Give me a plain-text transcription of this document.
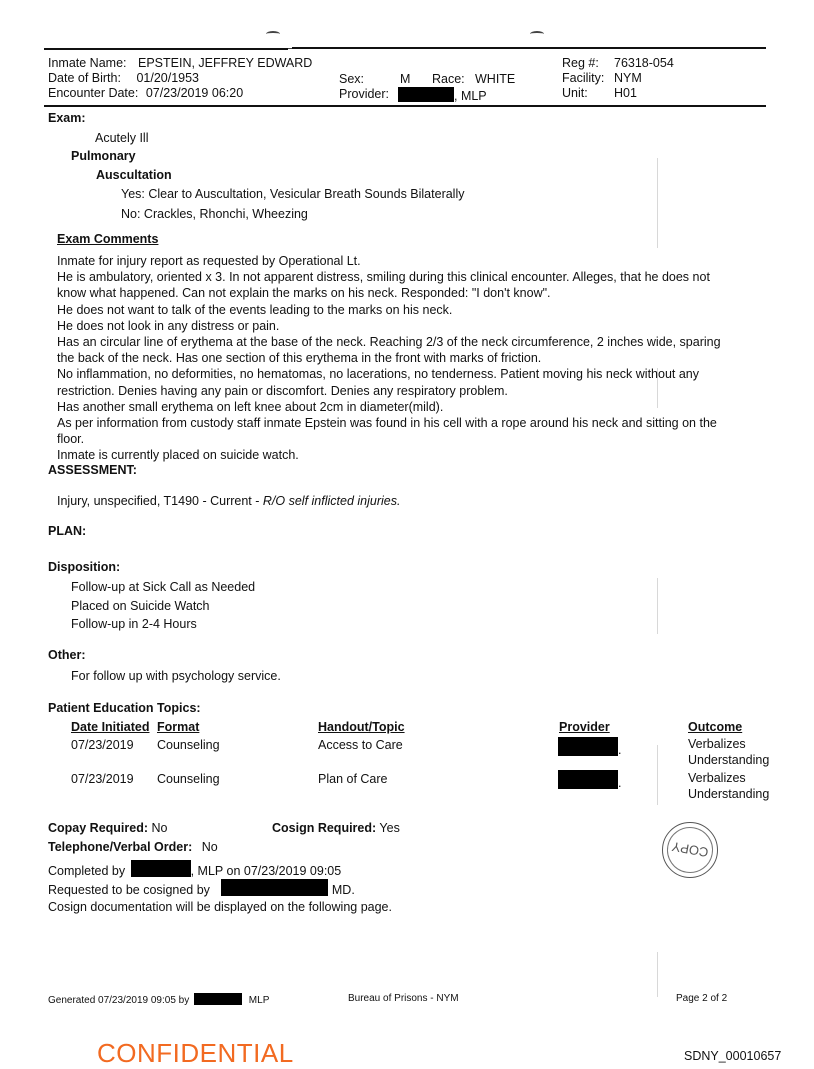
Inmate Name: EPSTEIN, JEFFREY EDWARD
Date of Birth: 01/20/1953
Encounter Date: 07/23/2019 06:20
Sex:	M Race: WHITE
Provider:	, MLP
Reg #: 76318-054
Facility: NYM
Unit: H01
Exam:
Acutely Ill
Pulmonary
Auscultation
Yes: Clear to Auscultation, Vesicular Breath Sounds Bilaterally
No: Crackles, Rhonchi, Wheezing
Exam Comments
Inmate for injury report as requested by Operational Lt.
He is ambulatory, oriented x 3. In not apparent distress, smiling during this clinical encounter. Alleges, that he does not
know what happened. Can not explain the marks on his neck. Responded: "I don't know".
He does not want to talk of the events leading to the marks on his neck.
He does not look in any distress or pain.
Has an circular line of erythema at the base of the neck. Reaching 2/3 of the neck circumference, 2 inches wide, sparing
the back of the neck. Has one section of this erythema in the front with marks of friction.
No inflammation, no deformities, no hematomas, no lacerations, no tenderness. Patient moving his neck without any
restriction. Denies having any pain or discomfort. Denies any respiratory problem.
Has another small erythema on left knee about 2cm in diameter(mild).
As per information from custody staff inmate Epstein was found in his cell with a rope around his neck and sitting on the
floor.
Inmate is currently placed on suicide watch.
ASSESSMENT:
Injury, unspecified, T1490 - Current - R/O self inflicted injuries.
PLAN:
Disposition:
Follow-up at Sick Call as Needed
Placed on Suicide Watch
Follow-up in 2-4 Hours
Other:
For follow up with psychology service.
Patient Education Topics:
Date Initiated Format	Handout/Topic	Provider	Outcome
07/23/2019 Counseling	Access to Care	.	Verbalizes
Understanding
07/23/2019 Counseling	Plan of Care	.	Verbalizes
Understanding
Copay Required: No	Cosign Required: Yes
Telephone/Verbal Order: No
Completed by	, MLP on 07/23/2019 09:05
Requested to be cosigned by	MD.
Cosign documentation will be displayed on the following page.
COPY
Generated 07/23/2019 09:05 by	MLP	Bureau of Prisons - NYM	Page 2 of 2
CONFIDENTIAL	SDNY_00010657
